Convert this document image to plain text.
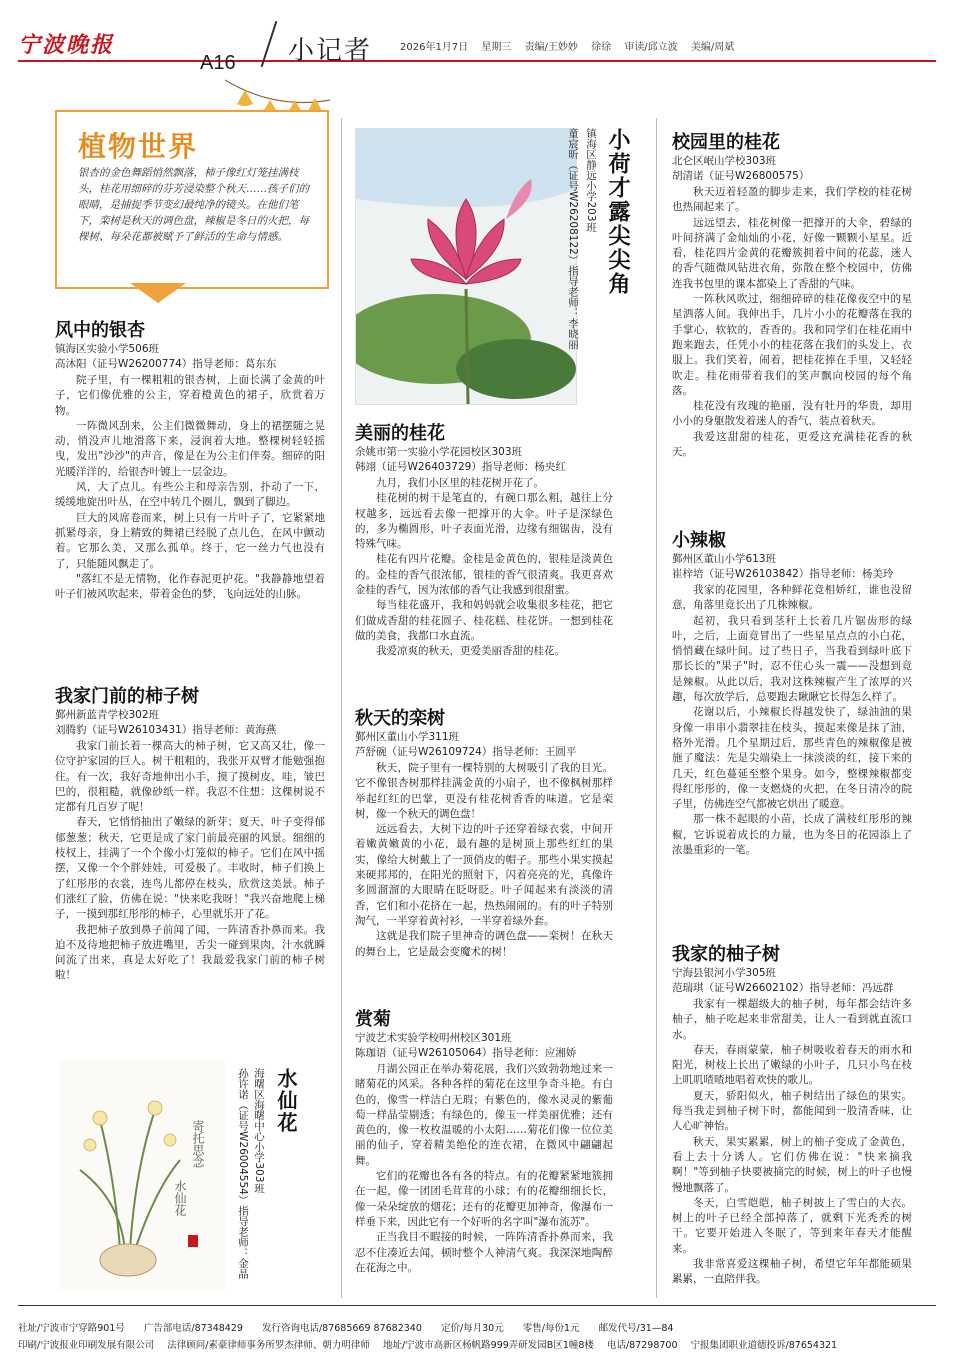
宁波晚报
A16 小记者	2026年1月7日 星期三 责编/王妙妙 徐徐 审读/邱立波 美编/周斌
植物世界
银杏的金色舞蹈悄然飘落，柿子像红灯笼挂满枝头，桂花用细碎的芬芳浸染整个秋天……孩子们的眼睛，是捕捉季节变幻最纯净的镜头。在他们笔下，栾树是秋天的调色盘，辣椒是冬日的火把，每棵树、每朵花都被赋予了鲜活的生命与情感。
风中的银杏
镇海区实验小学506班
高沐阳（证号W26200774）指导老师：葛东东

院子里，有一棵粗粗的银杏树，上面长满了金黄的叶子，它们像优雅的公主，穿着橙黄色的裙子，欣赏着万物。

一阵微风刮来，公主们微微舞动，身上的裙摆随之晃动，悄没声儿地滑落下来，浸润着大地。整棵树轻轻摇曳，发出"沙沙"的声音，像是在为公主们伴奏。细碎的阳光暖洋洋的，给银杏叶镀上一层金边。

风，大了点儿。有些公主和母亲告别，扑动了一下，缓缓地旋出叶丛，在空中转几个圈儿，飘到了脚边。

巨大的风席卷而来，树上只有一片叶子了，它紧紧地抓紧母亲，身上精致的舞裙已经脱了点儿色，在风中颤动着。它那么美，又那么孤单。终于，它一丝力气也没有了，只能随风飘走了。

"落红不是无情物，化作春泥更护花。"我静静地望着叶子们被风吹起来，带着金色的梦，飞向远处的山脉。

我家门前的柿子树
鄞州新蓝青学校302班
刘腾豹（证号W26103431）指导老师：黄海燕

我家门前长着一棵高大的柿子树，它又高又壮，像一位守护家园的巨人。树干粗粗的，我张开双臂才能勉强抱住。有一次，我好奇地伸出小手，摸了摸树皮，哇，皱巴巴的，很粗糙，就像砂纸一样。我忍不住想：这棵树说不定都有几百岁了呢！

春天，它悄悄抽出了嫩绿的新芽；夏天，叶子变得郁郁葱葱；秋天，它更是成了家门前最亮丽的风景。细细的枝杈上，挂满了一个个像小灯笼似的柿子。它们在风中摇摆，又像一个个胖娃娃，可爱极了。丰收时，柿子们换上了红彤彤的衣裳，连鸟儿都停在枝头，欣赏这美景。柿子们涨红了脸，仿佛在说："快来吃我呀！"我兴奋地爬上梯子，一摸到那红彤彤的柿子，心里就乐开了花。

我把柿子放到鼻子前闻了闻，一阵清香扑鼻而来。我迫不及待地把柿子放进嘴里，舌尖一碰到果肉，汁水就瞬间流了出来，真是太好吃了！我最爱我家门前的柿子树啦！

寄托思念
水仙花
水仙花
海曙区海曙中心小学303班
孙许诺（证号W26004554）指导老师：金晶
小荷才露尖尖角
镇海区静远小学203班
童宸昕（证号W26208122）指导老师：李晓丽
美丽的桂花
余姚市第一实验小学花园校区303班
韩翊（证号W26403729）指导老师：杨央红

九月，我们小区里的桂花树开花了。

桂花树的树干是笔直的，有碗口那么粗，越往上分杈越多，远远看去像一把撑开的大伞。叶子是深绿色的，多为椭圆形，叶子表面光滑，边缘有细锯齿，没有特殊气味。

桂花有四片花瓣。金桂是金黄色的，银桂是淡黄色的。金桂的香气很浓郁，银桂的香气很清爽。我更喜欢金桂的香气，因为浓郁的香气让我感到很甜蜜。

每当桂花盛开，我和妈妈就会收集很多桂花，把它们做成香甜的桂花圆子、桂花糕、桂花饼。一想到桂花做的美食，我都口水直流。

我爱凉爽的秋天，更爱美丽香甜的桂花。

秋天的栾树
鄞州区董山小学311班
芦舒碗（证号W26109724）指导老师：王圆平

秋天，院子里有一棵特别的大树吸引了我的目光。它不像银杏树那样挂满金黄的小扇子，也不像枫树那样举起红红的巴掌，更没有桂花树香香的味道。它是栾树，像一个秋天的调色盘！

远远看去，大树下边的叶子还穿着绿衣裳，中间开着嫩黄嫩黄的小花，最有趣的是树顶上那些红红的果实，像给大树戴上了一顶俏皮的帽子。那些小果实摸起来硬邦邦的，在阳光的照射下，闪着亮亮的光，真像许多圆溜溜的大眼睛在眨呀眨。叶子闻起来有淡淡的清香，它们和小花挤在一起，热热闹闹的。有的叶子特别淘气，一半穿着黄衬衫，一半穿着绿外套。

这就是我们院子里神奇的调色盘——栾树！在秋天的舞台上，它是最会变魔术的树！

赏菊
宁波艺术实验学校明州校区301班
陈珈语（证号W26105064）指导老师：应湘娇

月湖公园正在举办菊花展，我们兴致勃勃地过来一睹菊花的风采。各种各样的菊花在这里争奇斗艳。有白色的，像雪一样洁白无瑕；有紫色的，像水灵灵的紫葡萄一样晶莹剔透；有绿色的，像玉一样美丽优雅；还有黄色的，像一枚枚温暖的小太阳……菊花们像一位位美丽的仙子，穿着精美绝伦的连衣裙，在微风中翩翩起舞。

它们的花瓣也各有各的特点。有的花瓣紧紧地簇拥在一起，像一团团毛茸茸的小球；有的花瓣细细长长，像一朵朵绽放的烟花；还有的花瓣更加神奇，像瀑布一样垂下来，因此它有一个好听的名字叫"瀑布流苏"。

正当我目不暇接的时候，一阵阵清香扑鼻而来，我忍不住凑近去闻，顿时整个人神清气爽。我深深地陶醉在花海之中。

校园里的桂花
北仑区岷山学校303班
胡清诺（证号W26800575）

秋天迈着轻盈的脚步走来，我们学校的桂花树也热闹起来了。

远远望去，桂花树像一把撑开的大伞，碧绿的叶间挤满了金灿灿的小花，好像一颗颗小星星。近看，桂花四片金黄的花瓣簇拥着中间的花蕊，迷人的香气随微风钻进衣角，弥散在整个校园中，仿佛连我书包里的课本都染上了香甜的气味。

一阵秋风吹过，细细碎碎的桂花像夜空中的星星洒落人间。我伸出手，几片小小的花瓣落在我的手掌心，软软的，香香的。我和同学们在桂花雨中跑来跑去，任凭小小的桂花落在我们的头发上、衣服上。我们笑着，闹着，把桂花捧在手里，又轻轻吹走。桂花雨带着我们的笑声飘向校园的每个角落。

桂花没有玫瑰的艳丽，没有牡丹的华贵，却用小小的身躯散发着迷人的香气，装点着秋天。

我爱这甜甜的桂花，更爱这充满桂花香的秋天。

小辣椒
鄞州区董山小学613班
崔梓培（证号W26103842）指导老师：杨美玲

我家的花园里，各种鲜花竞相娇红，谁也没留意，角落里竟长出了几株辣椒。

起初，我只看到茎秆上长着几片锯齿形的绿叶，之后，上面竟冒出了一些星星点点的小白花，悄悄藏在绿叶间。过了些日子，当我看到绿叶底下那长长的"果子"时，忍不住心头一震——没想到竟是辣椒。从此以后，我对这株辣椒产生了浓厚的兴趣，每次放学后，总要跑去瞅瞅它长得怎么样了。

花谢以后，小辣椒长得越发快了，绿油油的果身像一串串小翡翠挂在枝头，摸起来像是抹了油，格外光滑。几个星期过后，那些青色的辣椒像是被施了魔法：先是尖端染上一抹淡淡的红，接下来的几天，红色蔓延至整个果身。如今，整棵辣椒都变得红彤彤的，像一支燃烧的火把，在冬日清冷的院子里，仿佛连空气都被它烘出了暖意。

那一株不起眼的小苗，长成了满枝红彤彤的辣椒，它诉说着成长的力量，也为冬日的花园添上了浓墨重彩的一笔。

我家的柚子树
宁海县银河小学305班
范瑞琪（证号W26602102）指导老师：冯远群

我家有一棵超级大的柚子树，每年都会结许多柚子，柚子吃起来非常甜美，让人一看到就直流口水。

春天，春雨蒙蒙，柚子树吸收着春天的雨水和阳光，树枝上长出了嫩绿的小叶子，几只小鸟在枝上叽叽喳喳地唱着欢快的歌儿。

夏天，骄阳似火，柚子树结出了绿色的果实。每当我走到柚子树下时，都能闻到一股清香味，让人心旷神怡。

秋天，果实累累，树上的柚子变成了金黄色，看上去十分诱人。它们仿佛在说："快来摘我啊！"等到柚子快要被摘完的时候，树上的叶子也慢慢地飘落了。

冬天，白雪皑皑，柚子树披上了雪白的大衣。树上的叶子已经全部掉落了，就剩下光秃秃的树干。它要开始进入冬眠了，等到来年春天才能醒来。

我非常喜爱这棵柚子树，希望它年年都能硕果累累，一直陪伴我。

社址/宁波市宁穿路901号 广告部电话/87348429 发行咨询电话/87685669 87682340 定价/每月30元 零售/每份1元 邮发代号/31—84
印刷/宁波报业印刷发展有限公司 法律顾问/素豪律师事务所罗杰律师、朝力明律师 地址/宁波市高新区杨帆路999弄研发园B区1幢8楼 电话/87298700 宁报集团职业道德投诉/87654321
